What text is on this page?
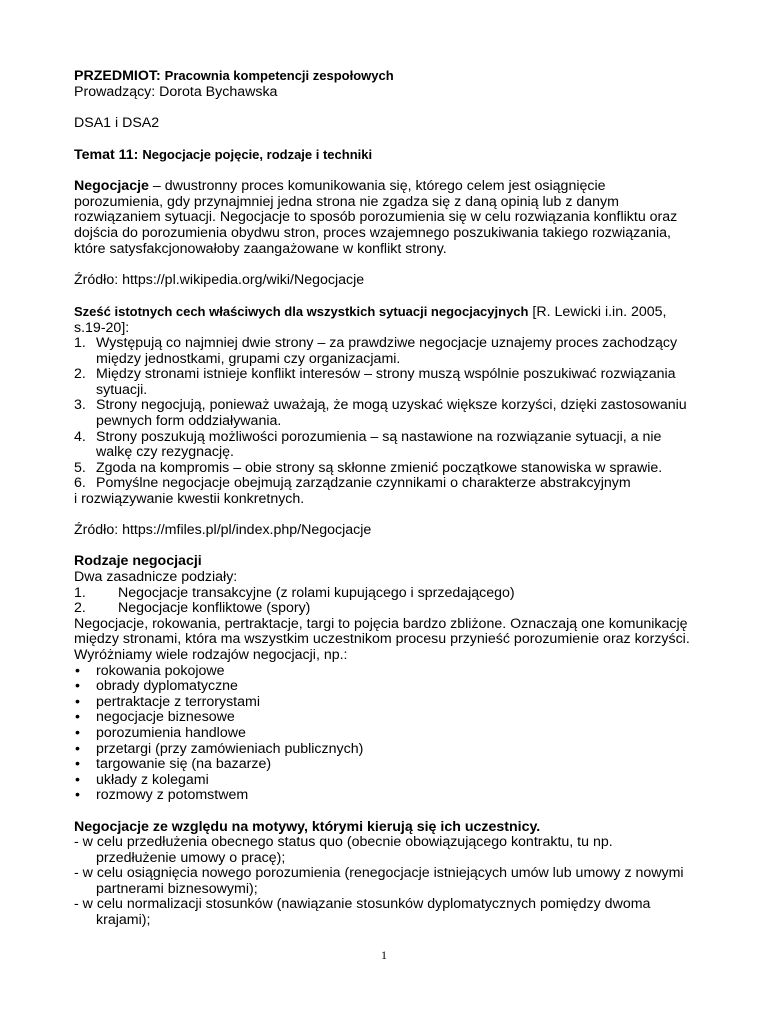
PRZEDMIOT: Pracownia kompetencji zespołowych

Prowadzący: Dorota Bychawska

DSA1 i DSA2

Temat 11: Negocjacje pojęcie, rodzaje i techniki

Negocjacje – dwustronny proces komunikowania się, którego celem jest osiągnięcie porozumienia, gdy przynajmniej jedna strona nie zgadza się z daną opinią lub z danym rozwiązaniem sytuacji. Negocjacje to sposób porozumienia się w celu rozwiązania konfliktu oraz dojścia do porozumienia obydwu stron, proces wzajemnego poszukiwania takiego rozwiązania, które satysfakcjonowałoby zaangażowane w konflikt strony.

Źródło: https://pl.wikipedia.org/wiki/Negocjacje

Sześć istotnych cech właściwych dla wszystkich sytuacji negocjacyjnych [R. Lewicki i.in. 2005, s.19-20]:

1. Występują co najmniej dwie strony – za prawdziwe negocjacje uznajemy proces zachodzący między jednostkami, grupami czy organizacjami.
2. Między stronami istnieje konflikt interesów – strony muszą wspólnie poszukiwać rozwiązania sytuacji.
3. Strony negocjują, ponieważ uważają, że mogą uzyskać większe korzyści, dzięki zastosowaniu pewnych form oddziaływania.
4. Strony poszukują możliwości porozumienia – są nastawione na rozwiązanie sytuacji, a nie walkę czy rezygnację.
5. Zgoda na kompromis – obie strony są skłonne zmienić początkowe stanowiska w sprawie.
6. Pomyślne negocjacje obejmują zarządzanie czynnikami o charakterze abstrakcyjnym

i rozwiązywanie kwestii konkretnych.

Źródło: https://mfiles.pl/pl/index.php/Negocjacje

Rodzaje negocjacji

Dwa zasadnicze podziały:

1. Negocjacje transakcyjne (z rolami kupującego i sprzedającego)
2. Negocjacje konfliktowe (spory)

Negocjacje, rokowania, pertraktacje, targi to pojęcia bardzo zbliżone. Oznaczają one komunikację między stronami, która ma wszystkim uczestnikom procesu przynieść porozumienie oraz korzyści. Wyróżniamy wiele rodzajów negocjacji, np.:

• rokowania pokojowe
• obrady dyplomatyczne
• pertraktacje z terrorystami
• negocjacje biznesowe
• porozumienia handlowe
• przetargi (przy zamówieniach publicznych)
• targowanie się (na bazarze)
• układy z kolegami
• rozmowy z potomstwem

Negocjacje ze względu na motywy, którymi kierują się ich uczestnicy.

- w celu przedłużenia obecnego status quo (obecnie obowiązującego kontraktu, tu np. przedłużenie umowy o pracę);

- w celu osiągnięcia nowego porozumienia (renegocjacje istniejących umów lub umowy z nowymi partnerami biznesowymi);

- w celu normalizacji stosunków (nawiązanie stosunków dyplomatycznych pomiędzy dwoma krajami);

1
